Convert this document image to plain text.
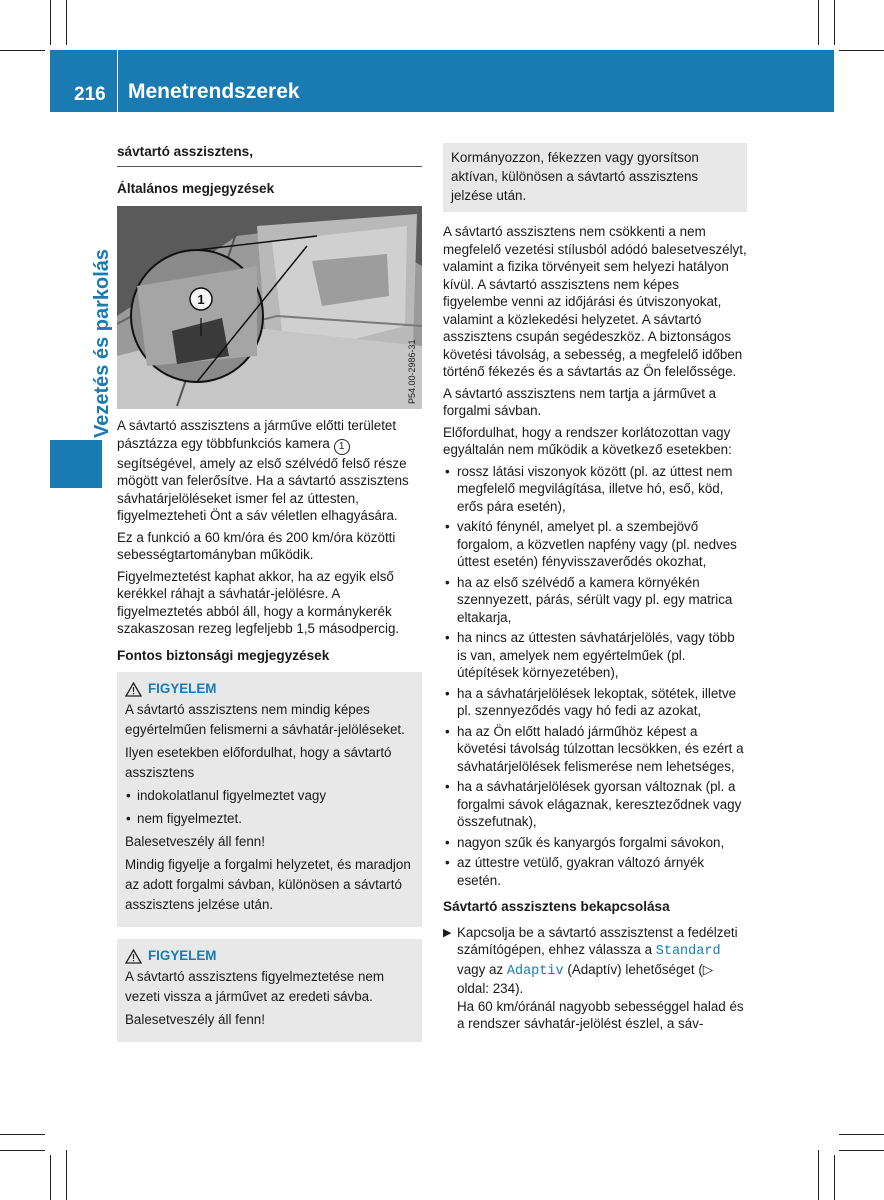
216 Menetrendszerek
Vezetés és parkolás
sávtartó asszisztens,
Általános megjegyzések
1
P54.00-2986-31

A sávtartó asszisztens a járműve előtti területet pásztázza egy többfunkciós kamera 1 segítségével, amely az első szélvédő felső része mögött van felerősítve. Ha a sávtartó asszisztens sávhatárjelöléseket ismer fel az úttesten, figyelmezteheti Önt a sáv véletlen elhagyására.

Ez a funkció a 60 km/óra és 200 km/óra közötti sebességtartományban működik.

Figyelmeztetést kaphat akkor, ha az egyik első kerékkel ráhajt a sávhatár-jelölésre. A figyelmeztetés abból áll, hogy a kormánykerék szakaszosan rezeg legfeljebb 1,5 másodpercig.

Fontos biztonsági megjegyzések
FIGYELEM

A sávtartó asszisztens nem mindig képes egyértelműen felismerni a sávhatár-jelöléseket.

Ilyen esetekben előfordulhat, hogy a sávtartó asszisztens

• indokolatlanul figyelmeztet vagy
• nem figyelmeztet.

Balesetveszély áll fenn!

Mindig figyelje a forgalmi helyzetet, és maradjon az adott forgalmi sávban, különösen a sávtartó asszisztens jelzése után.

FIGYELEM

A sávtartó asszisztens figyelmeztetése nem vezeti vissza a járművet az eredeti sávba.

Balesetveszély áll fenn!

Kormányozzon, fékezzen vagy gyorsítson aktívan, különösen a sávtartó asszisztens jelzése után.

A sávtartó asszisztens nem csökkenti a nem megfelelő vezetési stílusból adódó balesetveszélyt, valamint a fizika törvényeit sem helyezi hatályon kívül. A sávtartó asszisztens nem képes figyelembe venni az időjárási és útviszonyokat, valamint a közlekedési helyzetet. A sávtartó asszisztens csupán segédeszköz. A biztonságos követési távolság, a sebesség, a megfelelő időben történő fékezés és a sávtartás az Ön felelőssége.

A sávtartó asszisztens nem tartja a járművet a forgalmi sávban.

Előfordulhat, hogy a rendszer korlátozottan vagy egyáltalán nem működik a következő esetekben:

• rossz látási viszonyok között (pl. az úttest nem megfelelő megvilágítása, illetve hó, eső, köd, erős pára esetén),
• vakító fénynél, amelyet pl. a szembejövő forgalom, a közvetlen napfény vagy (pl. nedves úttest esetén) fényvisszaverődés okozhat,
• ha az első szélvédő a kamera környékén szennyezett, párás, sérült vagy pl. egy matrica eltakarja,
• ha nincs az úttesten sávhatárjelölés, vagy több is van, amelyek nem egyértelműek (pl. útépítések környezetében),
• ha a sávhatárjelölések lekoptak, sötétek, illetve pl. szennyeződés vagy hó fedi az azokat,
• ha az Ön előtt haladó járműhöz képest a követési távolság túlzottan lecsökken, és ezért a sávhatárjelölések felismerése nem lehetséges,
• ha a sávhatárjelölések gyorsan változnak (pl. a forgalmi sávok elágaznak, kereszteződnek vagy összefutnak),
• nagyon szűk és kanyargós forgalmi sávokon,
• az úttestre vetülő, gyakran változó árnyék esetén.
Sávtartó asszisztens bekapcsolása
▶ Kapcsolja be a sávtartó asszisztenst a fedélzeti számítógépen, ehhez válassza a Standard vagy az Adaptiv (Adaptív) lehetőséget (▷ oldal: 234).
Ha 60 km/óránál nagyobb sebességgel halad és a rendszer sávhatár-jelölést észlel, a sáv-
